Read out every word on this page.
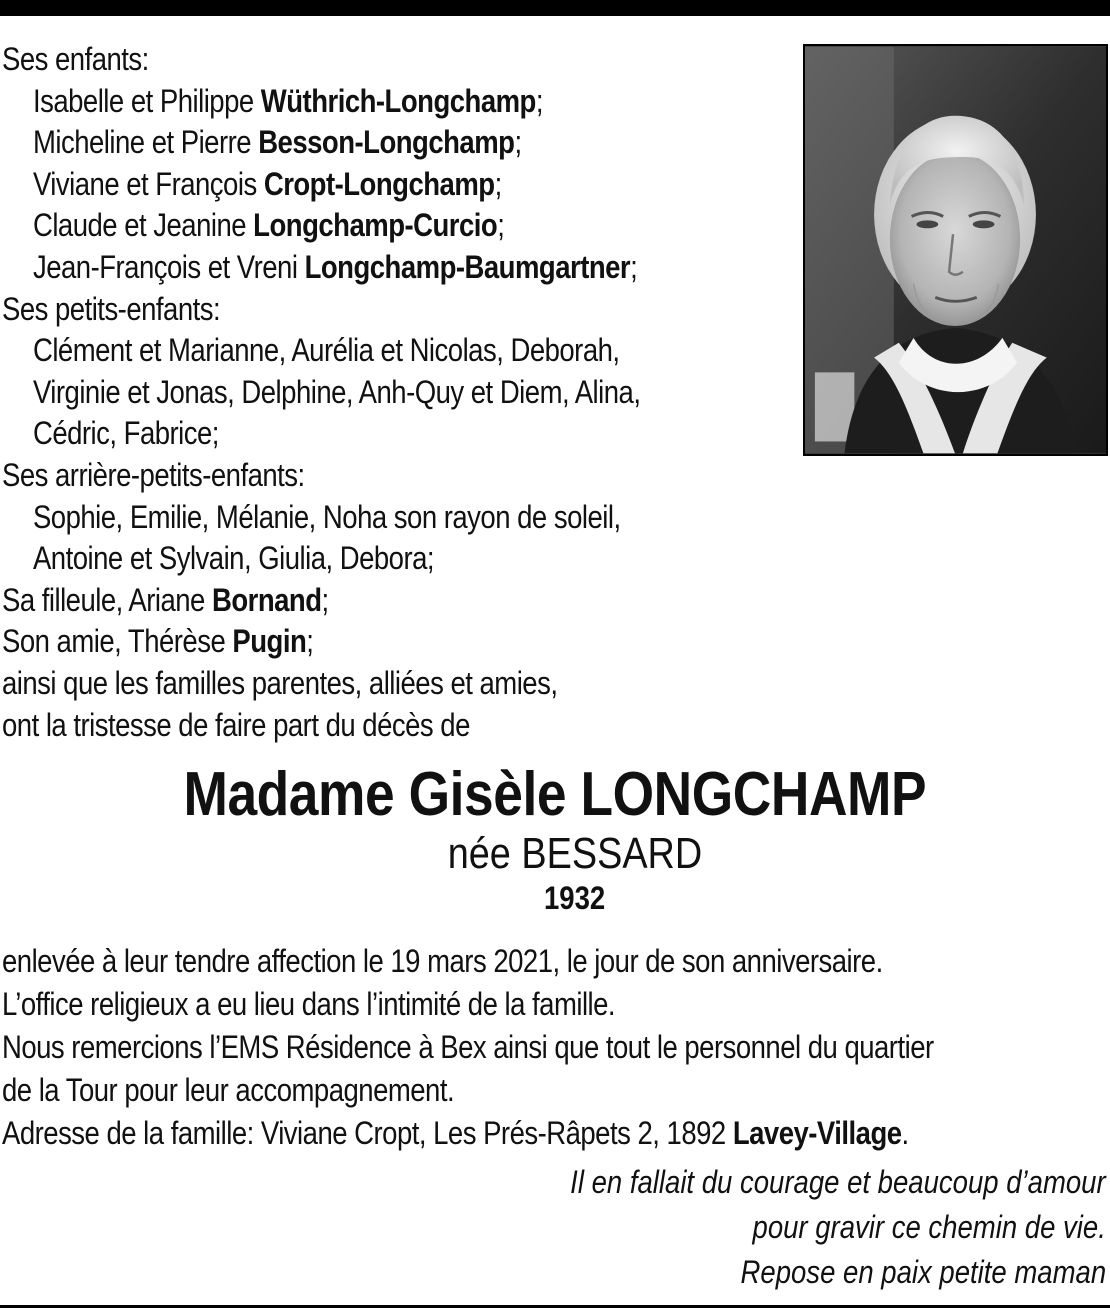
Ses enfants:
Isabelle et Philippe Wüthrich-Longchamp;
Micheline et Pierre Besson-Longchamp;
Viviane et François Cropt-Longchamp;
Claude et Jeanine Longchamp-Curcio;
Jean-François et Vreni Longchamp-Baumgartner;
Ses petits-enfants:
Clément et Marianne, Aurélia et Nicolas, Deborah,
Virginie et Jonas, Delphine, Anh-Quy et Diem, Alina,
Cédric, Fabrice;
Ses arrière-petits-enfants:
Sophie, Emilie, Mélanie, Noha son rayon de soleil,
Antoine et Sylvain, Giulia, Debora;
Sa filleule, Ariane Bornand;
Son amie, Thérèse Pugin;
ainsi que les familles parentes, alliées et amies,
ont la tristesse de faire part du décès de
Madame Gisèle LONGCHAMP
née BESSARD
1932
enlevée à leur tendre affection le 19 mars 2021, le jour de son anniversaire.
L’office religieux a eu lieu dans l’intimité de la famille.
Nous remercions l’EMS Résidence à Bex ainsi que tout le personnel du quartier
de la Tour pour leur accompagnement.
Adresse de la famille: Viviane Cropt, Les Prés-Râpets 2, 1892 Lavey-Village.
Il en fallait du courage et beaucoup d’amour
pour gravir ce chemin de vie.
Repose en paix petite maman
